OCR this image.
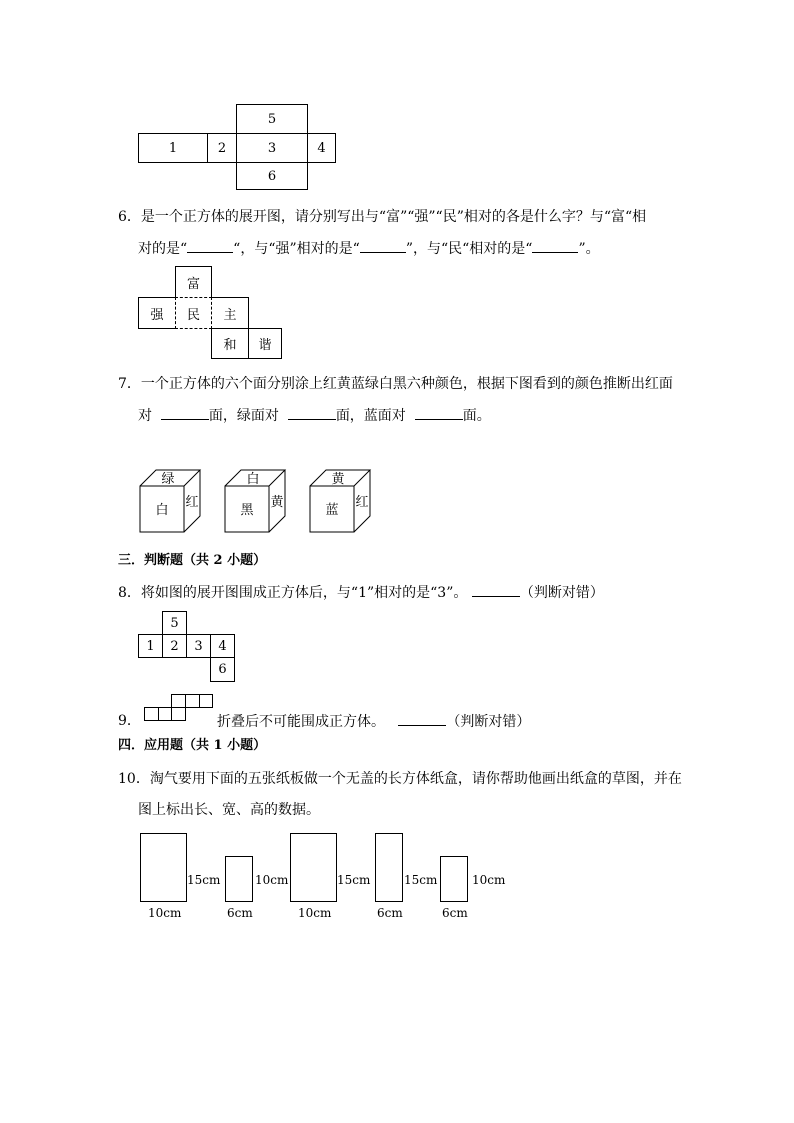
5
1	2	3	4
6
6．是一个正方体的展开图，请分别写出与“富”“强”“民”相对的各是什么字？与“富“相
对的是“	“，与“强”相对的是“	”，与“民“相对的是“	”。
富
强	民	主
和	谐
7．一个正方体的六个面分别涂上红黄蓝绿白黑六种颜色，根据下图看到的颜色推断出红面
对	面，绿面对	面，蓝面对	面。
绿
白
红
白
黑
黄
黄
蓝
红
三．判断题（共 2 小题）
8．将如图的展开图围成正方体后，与“1”相对的是“3”。	（判断对错）
5
1	2	3	4
6
9．	折叠后不可能围成正方体。	（判断对错）
四．应用题（共 1 小题）
10．淘气要用下面的五张纸板做一个无盖的长方体纸盒，请你帮助他画出纸盒的草图，并在
图上标出长、宽、高的数据。
15cm
10cm
10cm
6cm
15cm
10cm
15cm
6cm
10cm
6cm
